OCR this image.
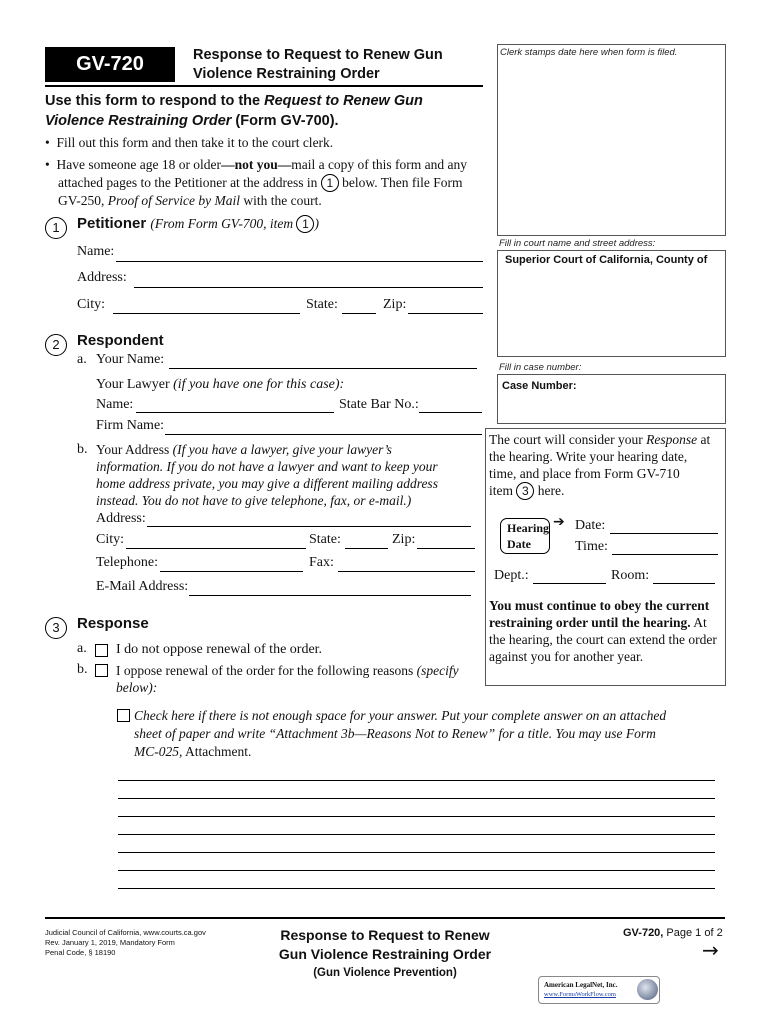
GV-720	Response to Request to Renew Gun
Violence Restraining Order
Use this form to respond to the Request to Renew Gun
Violence Restraining Order (Form GV-700).
•  Fill out this form and then take it to the court clerk.
•  Have someone age 18 or older—not you—mail a copy of this form and any
attached pages to the Petitioner at the address in 1 below. Then file Form
GV-250, Proof of Service by Mail with the court.
Clerk stamps date here when form is filed.
Fill in court name and street address:
Superior Court of California, County of
Fill in case number:
Case Number:
1	Petitioner (From Form GV-700, item 1 )
Name:
Address:
City:	State:	Zip:
2	Respondent
a. Your Name:
Your Lawyer (if you have one for this case):
Name:	State Bar No.:
Firm Name:
b. Your Address (If you have a lawyer, give your lawyer’s
information. If you do not have a lawyer and want to keep your
home address private, you may give a different mailing address
instead. You do not have to give telephone, fax, or e-mail.)
Address:
City:	State:	Zip:
Telephone:	Fax:
E-Mail Address:
The court will consider your Response at
the hearing. Write your hearing date,
time, and place from Form GV-710
item 3 here.
Hearing
Date
➔ Date:
Time:
Dept.:	Room:
You must continue to obey the current
restraining order until the hearing. At
the hearing, the court can extend the order
against you for another year.
3	Response
a. I do not oppose renewal of the order.
b. I oppose renewal of the order for the following reasons (specify
below):
Check here if there is not enough space for your answer. Put your complete answer on an attached
sheet of paper and write “Attachment 3b—Reasons Not to Renew” for a title. You may use Form
MC-025, Attachment.
Judicial Council of California, www.courts.ca.gov
Rev. January 1, 2019, Mandatory Form
Penal Code, § 18190
Response to Request to Renew
Gun Violence Restraining Order
(Gun Violence Prevention)
GV-720, Page 1 of 2
→
American LegalNet, Inc.
www.FormsWorkFlow.com
